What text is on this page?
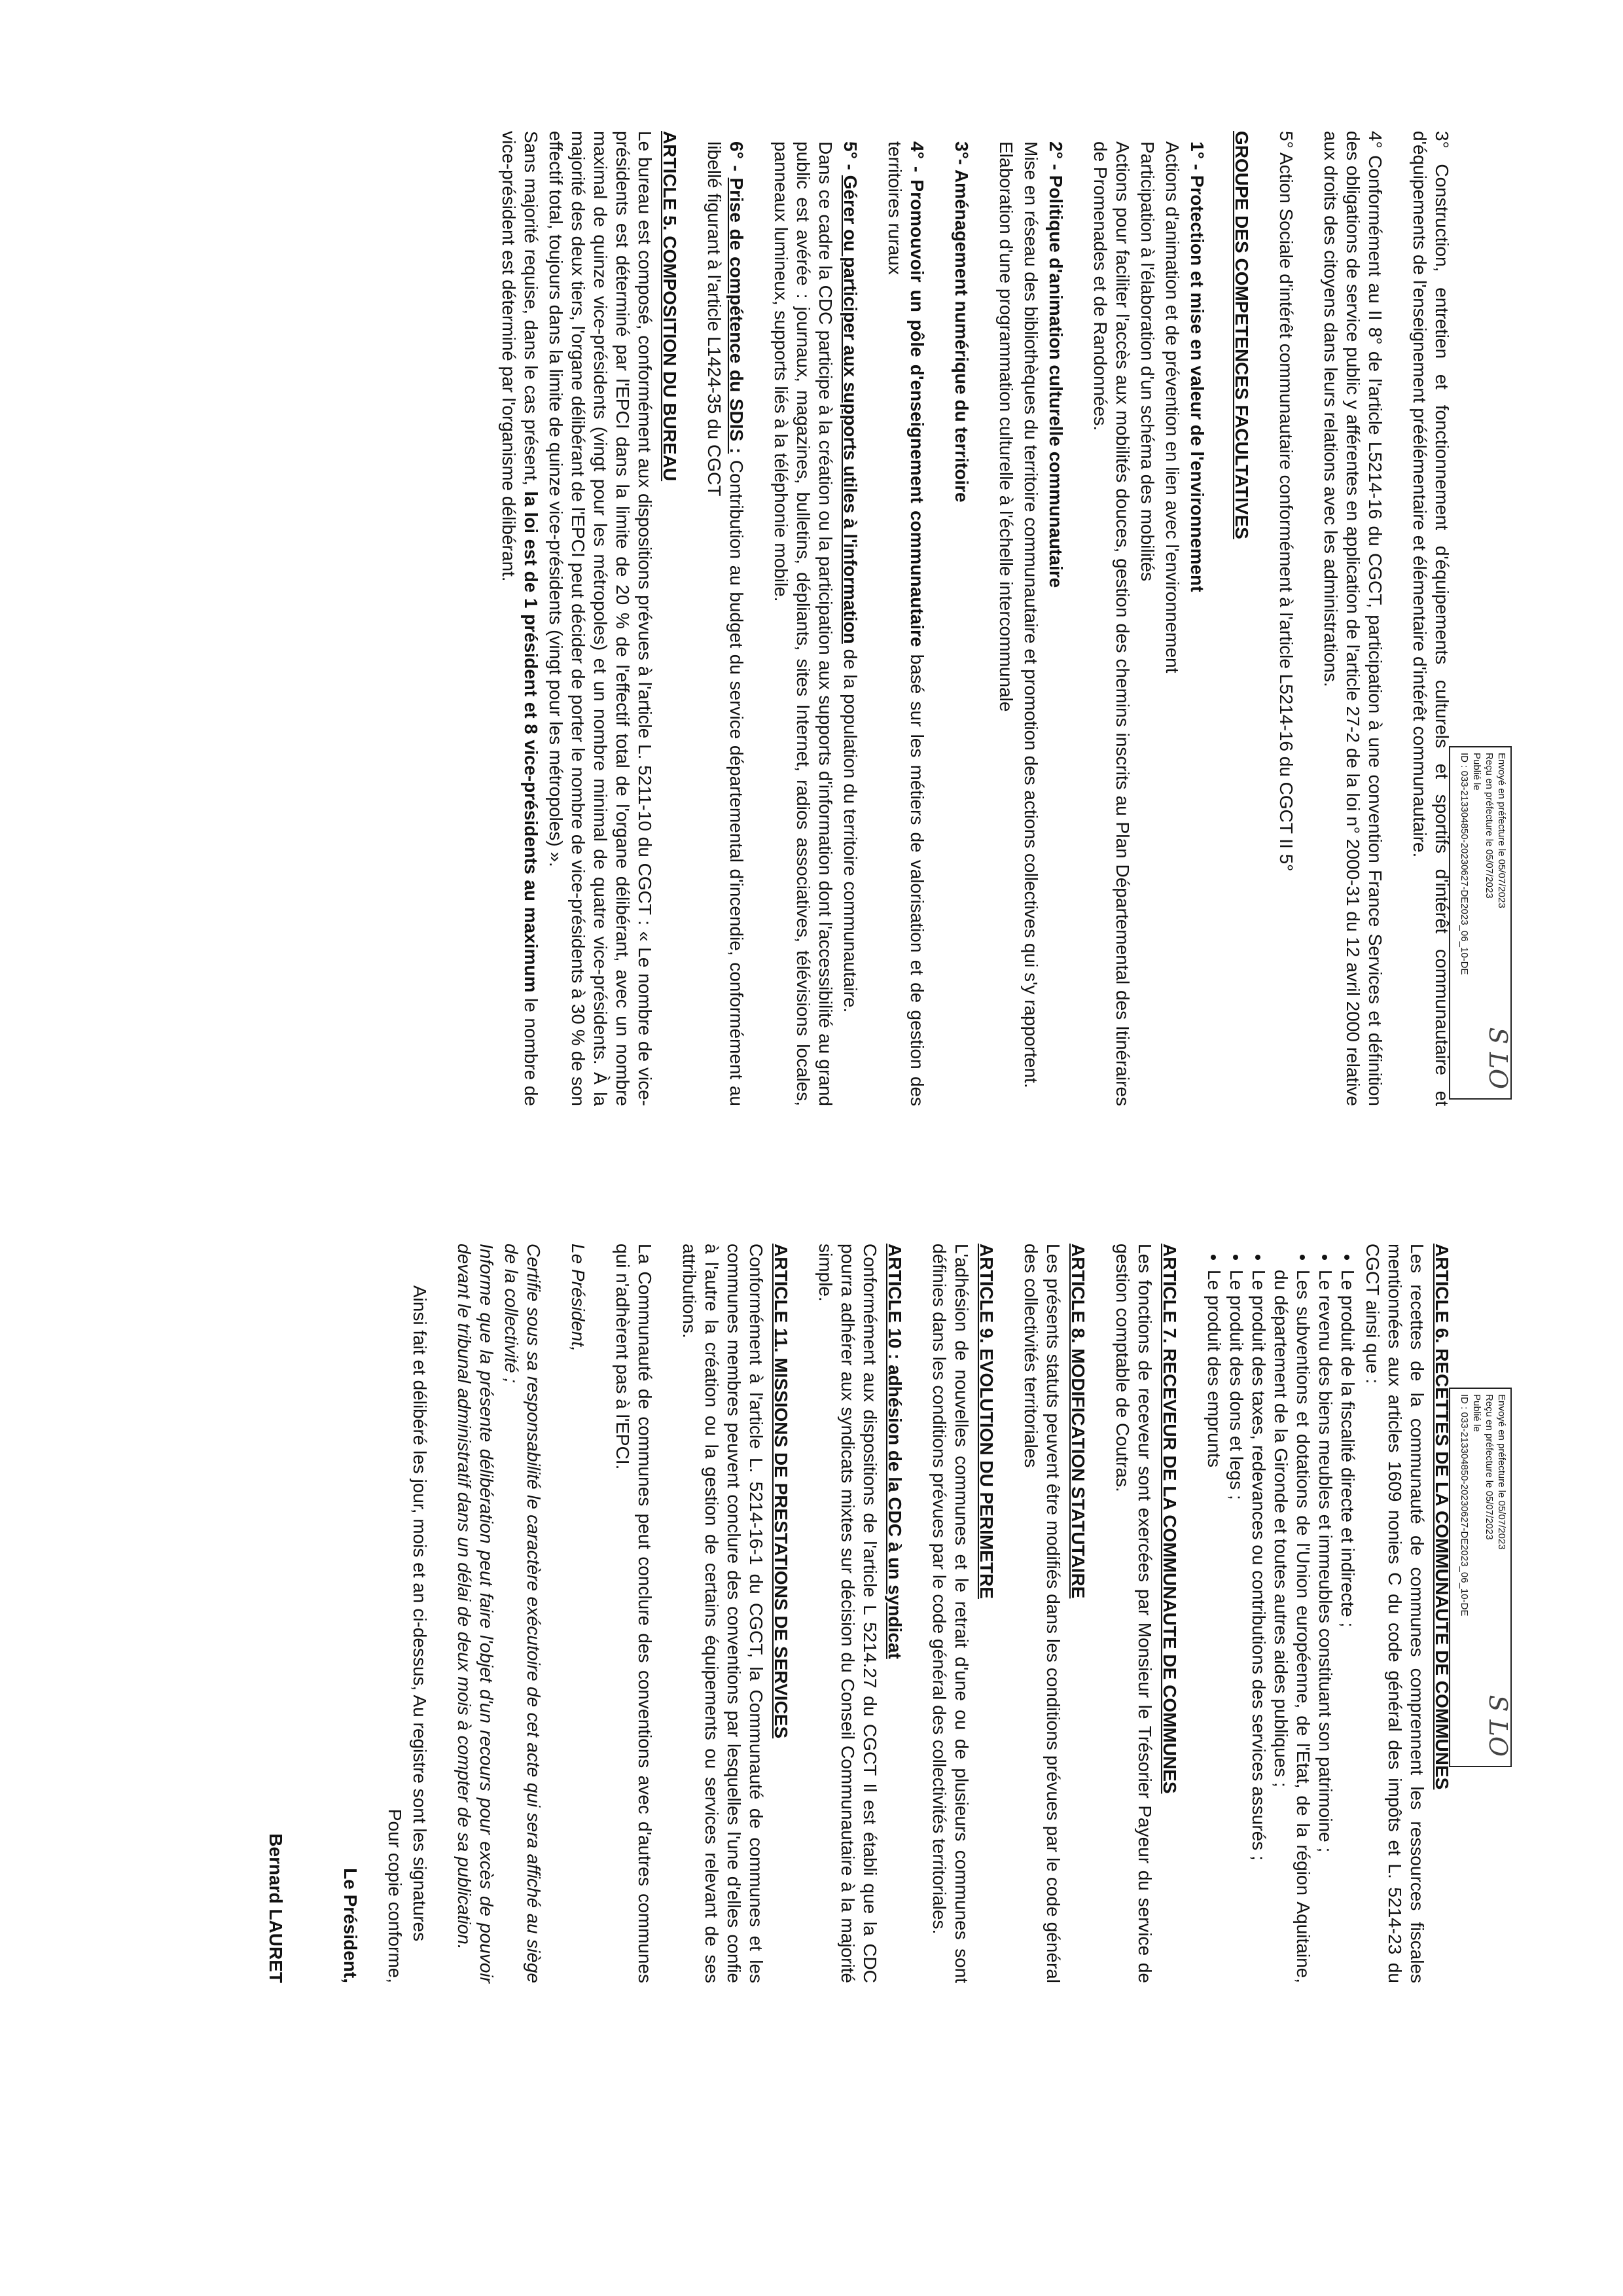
Envoyé en préfecture le 05/07/2023
Reçu en préfecture le 05/07/2023
Publié le
ID : 033-213304850-20230627-DE2023_06_10-DE
S LO
Envoyé en préfecture le 05/07/2023
Reçu en préfecture le 05/07/2023
Publié le
ID : 033-213304850-20230627-DE2023_06_10-DE
S LO

3° Construction, entretien et fonctionnement d'équipements culturels et sportifs d'intérêt communautaire et d'équipements de l'enseignement préélémentaire et élémentaire d'intérêt communautaire.

4° Conformément au II 8° de l'article L5214-16 du CGCT, participation à une convention France Services et définition des obligations de service public y afférentes en application de l'article 27-2 de la loi n° 2000-31 du 12 avril 2000 relative aux droits des citoyens dans leurs relations avec les administrations.

5° Action Sociale d'intérêt communautaire conformément à l'article L5214-16 du CGCT II 5°

GROUPE DES COMPETENCES FACULTATIVES

1° - Protection et mise en valeur de l'environnement

Actions d'animation et de prévention en lien avec l'environnement

Participation à l'élaboration d'un schéma des mobilités

Actions pour faciliter l'accès aux mobilités douces, gestion des chemins inscrits au Plan Départemental des Itinéraires de Promenades et de Randonnées.

2° - Politique d'animation culturelle communautaire

Mise en réseau des bibliothèques du territoire communautaire et promotion des actions collectives qui s'y rapportent.

Elaboration d'une programmation culturelle à l'échelle intercommunale

3°- Aménagement numérique du territoire

4° - Promouvoir un pôle d'enseignement communautaire basé sur les métiers de valorisation et de gestion des territoires ruraux

5° - Gérer ou participer aux supports utiles à l'information de la population du territoire communautaire.

Dans ce cadre la CDC participe à la création ou la participation aux supports d'information dont l'accessibilité au grand public est avérée : journaux, magazines, bulletins, dépliants, sites Internet, radios associatives, télévisions locales, panneaux lumineux, supports liés à la téléphonie mobile.

6° - Prise de compétence du SDIS : Contribution au budget du service départemental d'incendie, conformément au libellé figurant à l'article L1424-35 du CGCT

ARTICLE 5. COMPOSITION DU BUREAU

Le bureau est composé, conformément aux dispositions prévues à l'article L. 5211-10 du CGCT : « Le nombre de vice-présidents est déterminé par l'EPCI dans la limite de 20 % de l'effectif total de l'organe délibérant, avec un nombre maximal de quinze vice-présidents (vingt pour les métropoles) et un nombre minimal de quatre vice-présidents. À la majorité des deux tiers, l'organe délibérant de l'EPCI peut décider de porter le nombre de vice-présidents à 30 % de son effectif total, toujours dans la limite de quinze vice-présidents (vingt pour les métropoles) ».

Sans majorité requise, dans le cas présent, la loi est de 1 président et 8 vice-présidents au maximum le nombre de vice-président est déterminé par l'organisme délibérant.

ARTICLE 6. RECETTES DE LA COMMUNAUTE DE COMMUNES

Les recettes de la communauté de communes comprennent les ressources fiscales mentionnées aux articles 1609 nonies C du code général des impôts et L. 5214-23 du CGCT ainsi que :

• Le produit de la fiscalité directe et indirecte ;
• Le revenu des biens meubles et immeubles constituant son patrimoine ;
• Les subventions et dotations de l'Union européenne, de l'Etat, de la région Aquitaine, du département de la Gironde et toutes autres aides publiques ;
• Le produit des taxes, redevances ou contributions des services assurés ;
• Le produit des dons et legs ;
• Le produit des emprunts

ARTICLE 7. RECEVEUR DE LA COMMUNAUTE DE COMMUNES

Les fonctions de receveur sont exercées par Monsieur le Trésorier Payeur du service de gestion comptable de Coutras.

ARTICLE 8. MODIFICATION STATUTAIRE

Les présents statuts peuvent être modifiés dans les conditions prévues par le code général des collectivités territoriales

ARTICLE 9. EVOLUTION DU PERIMETRE

L'adhésion de nouvelles communes et le retrait d'une ou de plusieurs communes sont définies dans les conditions prévues par le code général des collectivités territoriales.

ARTICLE 10 : adhésion de la CDC à un syndicat

Conformément aux dispositions de l'article L 5214.27 du CGCT Il est établi que la CDC pourra adhérer aux syndicats mixtes sur décision du Conseil Communautaire à la majorité simple.

ARTICLE 11. MISSIONS DE PRESTATIONS DE SERVICES

Conformément à l'article L. 5214-16-1 du CGCT, la Communauté de communes et les communes membres peuvent conclure des conventions par lesquelles l'une d'elles confie à l'autre la création ou la gestion de certains équipements ou services relevant de ses attributions.

La Communauté de communes peut conclure des conventions avec d'autres communes qui n'adhèrent pas à l'EPCI.

Le Président,

Certifie sous sa responsabilité le caractère exécutoire de cet acte qui sera affiché au siège de la collectivité ;

Informe que la présente délibération peut faire l'objet d'un recours pour excès de pouvoir devant le tribunal administratif dans un délai de deux mois à compter de sa publication.

Ainsi fait et délibéré les jour, mois et an ci-dessus, Au registre sont les signatures

Pour copie conforme,

Le Président,

Bernard LAURET
